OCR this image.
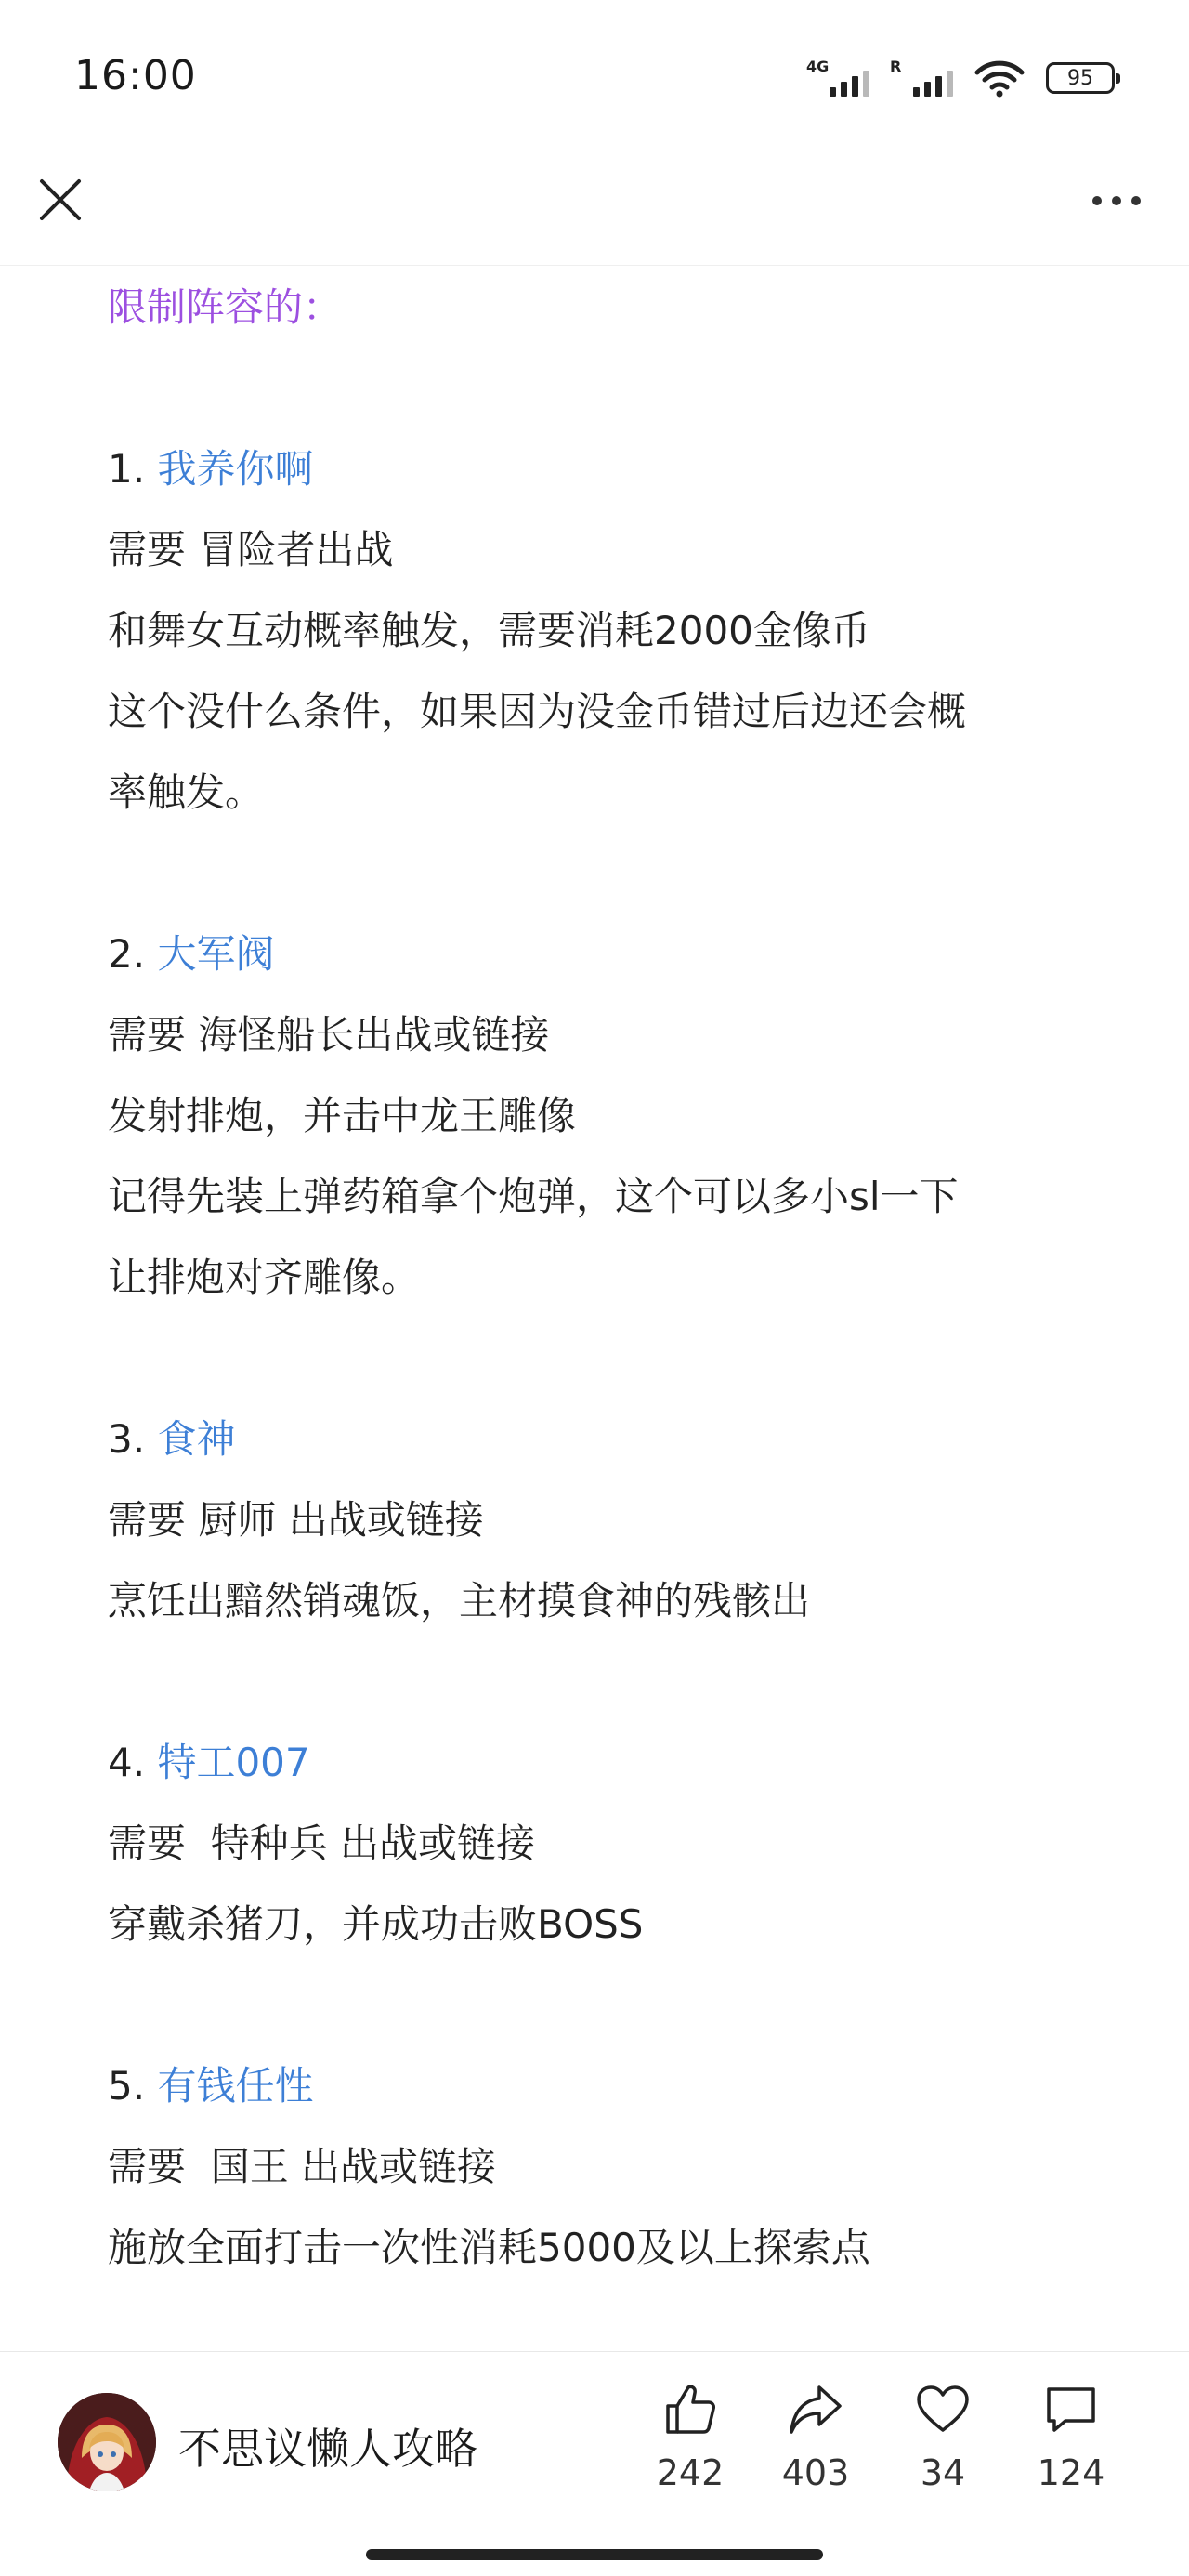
16:00	4G	R	95
限制阵容的：
1. 我养你啊
需要 冒险者出战
和舞女互动概率触发，需要消耗2000金像币
这个没什么条件，如果因为没金币错过后边还会概
率触发。
2. 大军阀
需要 海怪船长出战或链接
发射排炮，并击中龙王雕像
记得先装上弹药箱拿个炮弹，这个可以多小sl一下
让排炮对齐雕像。
3. 食神
需要 厨师 出战或链接
烹饪出黯然销魂饭，主材摸食神的残骸出
4. 特工007
需要  特种兵 出战或链接
穿戴杀猪刀，并成功击败BOSS
5. 有钱任性
需要  国王 出战或链接
施放全面打击一次性消耗5000及以上探索点
不思议懒人攻略	242 403 34 124
